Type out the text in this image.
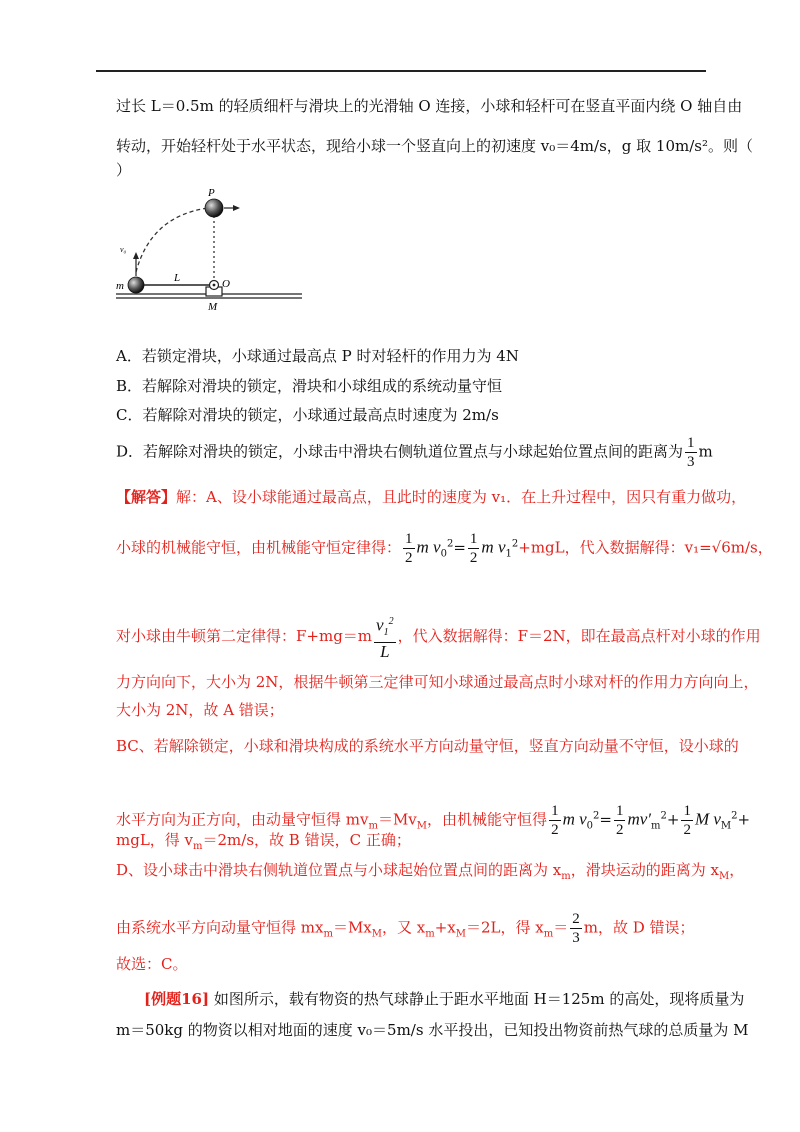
过长 L＝0.5m 的轻质细杆与滑块上的光滑轴 O 连接，小球和轻杆可在竖直平面内绕 O 轴自由
转动，开始轻杆处于水平状态，现给小球一个竖直向上的初速度 v₀＝4m/s，g 取 10m/s²。则（
）
P
v₀
m
L	O
M
A．若锁定滑块，小球通过最高点 P 时对轻杆的作用力为 4N
B．若解除对滑块的锁定，滑块和小球组成的系统动量守恒
C．若解除对滑块的锁定，小球通过最高点时速度为 2m/s
D．若解除对滑块的锁定，小球击中滑块右侧轨道位置点与小球起始位置点间的距离为 $\frac{1}{3}$ m
【解答】解：A、设小球能通过最高点，且此时的速度为 v₁．在上升过程中，因只有重力做功，
小球的机械能守恒，由机械能守恒定律得： $\frac{1}{2}$ m $v_0^2= \frac{1}{2}$ m $v_1^2+mgL$，代入数据解得：v₁=√6m/s，
对小球由牛顿第二定律得：$F+mg=m \frac{v_1^2}{L}$ ，代入数据解得：F＝2N，即在最高点杆对小球的作用
力方向向下，大小为 2N，根据牛顿第三定律可知小球通过最高点时小球对杆的作用力方向向上，
大小为 2N，故 A 错误；
BC、若解除锁定，小球和滑块构成的系统水平方向动量守恒，竖直方向动量不守恒，设小球的
水平方向为正方向，由动量守恒得 $mv_m=Mv_M$，由机械能守恒得 $\frac{1}{2}$ m $v_0^2= \frac{1}{2} mv'_m^2+ \frac{1}{2}$ M $v_M^2+$
mgL，得 $v_m=2m/s$，故 B 错误，C 正确；
D、设小球击中滑块右侧轨道位置点与小球起始位置点间的距离为 $x_m$，滑块运动的距离为 $x_M$，
由系统水平方向动量守恒得 $mx_m=Mx_M$，又 $x_m+x_M=2L$，得 $x_m= \frac{2}{3}$ m，故 D 错误；
故选：C。
[例题16] 如图所示，载有物资的热气球静止于距水平地面 H＝125m 的高处，现将质量为
m＝50kg 的物资以相对地面的速度 v₀＝5m/s 水平投出，已知投出物资前热气球的总质量为 M
